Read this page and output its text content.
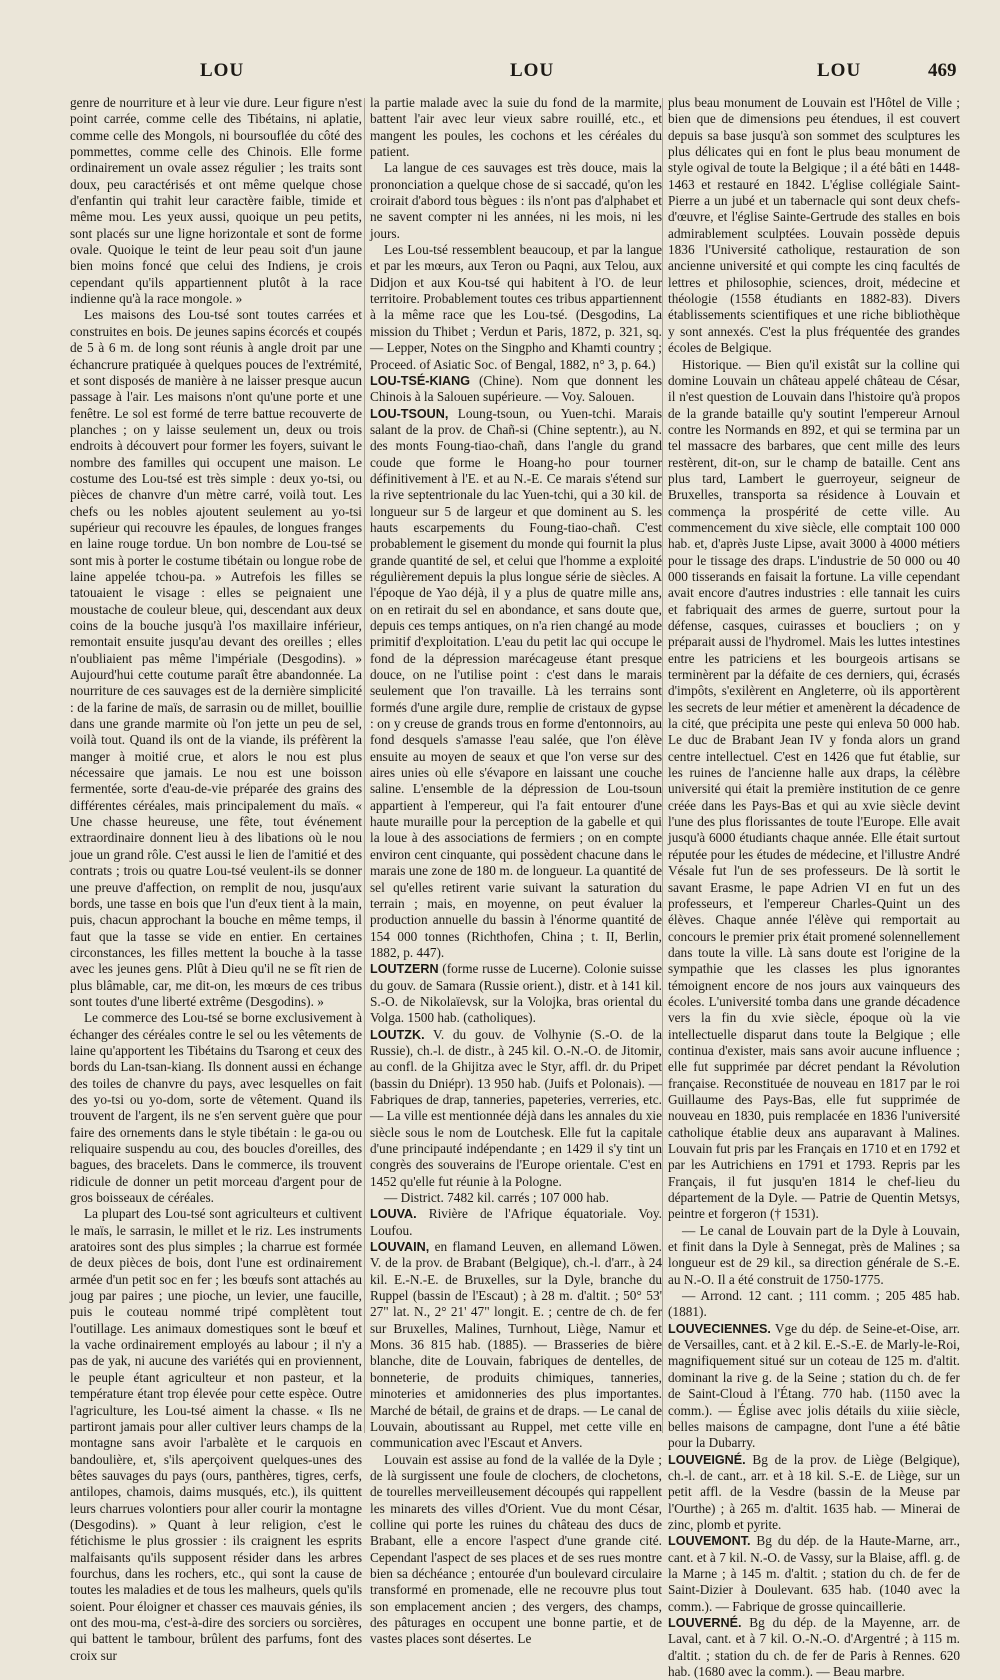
LOU	LOU	LOU	469

genre de nourriture et à leur vie dure. Leur figure n'est point carrée, comme celle des Tibétains, ni aplatie, comme celle des Mongols, ni boursouflée du côté des pommettes, comme celle des Chinois. Elle forme ordinairement un ovale assez régulier ; les traits sont doux, peu caractérisés et ont même quelque chose d'enfantin qui trahit leur caractère faible, timide et même mou. Les yeux aussi, quoique un peu petits, sont placés sur une ligne horizontale et sont de forme ovale. Quoique le teint de leur peau soit d'un jaune bien moins foncé que celui des Indiens, je crois cependant qu'ils appartiennent plutôt à la race indienne qu'à la race mongole. »

Les maisons des Lou-tsé sont toutes carrées et construites en bois. De jeunes sapins écorcés et coupés de 5 à 6 m. de long sont réunis à angle droit par une échancrure pratiquée à quelques pouces de l'extrémité, et sont disposés de manière à ne laisser presque aucun passage à l'air. Les maisons n'ont qu'une porte et une fenêtre. Le sol est formé de terre battue recouverte de planches ; on y laisse seulement un, deux ou trois endroits à découvert pour former les foyers, suivant le nombre des familles qui occupent une maison. Le costume des Lou-tsé est très simple : deux yo-tsi, ou pièces de chanvre d'un mètre carré, voilà tout. Les chefs ou les nobles ajoutent seulement au yo-tsi supérieur qui recouvre les épaules, de longues franges en laine rouge tordue. Un bon nombre de Lou-tsé se sont mis à porter le costume tibétain ou longue robe de laine appelée tchou-pa. » Autrefois les filles se tatouaient le visage : elles se peignaient une moustache de couleur bleue, qui, descendant aux deux coins de la bouche jusqu'à l'os maxillaire inférieur, remontait ensuite jusqu'au devant des oreilles ; elles n'oubliaient pas même l'impériale (Desgodins). » Aujourd'hui cette coutume paraît être abandonnée. La nourriture de ces sauvages est de la dernière simplicité : de la farine de maïs, de sarrasin ou de millet, bouillie dans une grande marmite où l'on jette un peu de sel, voilà tout. Quand ils ont de la viande, ils préfèrent la manger à moitié crue, et alors le nou est plus nécessaire que jamais. Le nou est une boisson fermentée, sorte d'eau-de-vie préparée des grains des différentes céréales, mais principalement du maïs. « Une chasse heureuse, une fête, tout événement extraordinaire donnent lieu à des libations où le nou joue un grand rôle. C'est aussi le lien de l'amitié et des contrats ; trois ou quatre Lou-tsé veulent-ils se donner une preuve d'affection, on remplit de nou, jusqu'aux bords, une tasse en bois que l'un d'eux tient à la main, puis, chacun approchant la bouche en même temps, il faut que la tasse se vide en entier. En certaines circonstances, les filles mettent la bouche à la tasse avec les jeunes gens. Plût à Dieu qu'il ne se fît rien de plus blâmable, car, me dit-on, les mœurs de ces tribus sont toutes d'une liberté extrême (Desgodins). »

Le commerce des Lou-tsé se borne exclusivement à échanger des céréales contre le sel ou les vêtements de laine qu'apportent les Tibétains du Tsarong et ceux des bords du Lan-tsan-kiang. Ils donnent aussi en échange des toiles de chanvre du pays, avec lesquelles on fait des yo-tsi ou yo-dom, sorte de vêtement. Quand ils trouvent de l'argent, ils ne s'en servent guère que pour faire des ornements dans le style tibétain : le ga-ou ou reliquaire suspendu au cou, des boucles d'oreilles, des bagues, des bracelets. Dans le commerce, ils trouvent ridicule de donner un petit morceau d'argent pour de gros boisseaux de céréales.

La plupart des Lou-tsé sont agriculteurs et cultivent le maïs, le sarrasin, le millet et le riz. Les instruments aratoires sont des plus simples ; la charrue est formée de deux pièces de bois, dont l'une est ordinairement armée d'un petit soc en fer ; les bœufs sont attachés au joug par paires ; une pioche, un levier, une faucille, puis le couteau nommé tripé complètent tout l'outillage. Les animaux domestiques sont le bœuf et la vache ordinairement employés au labour ; il n'y a pas de yak, ni aucune des variétés qui en proviennent, le peuple étant agriculteur et non pasteur, et la température étant trop élevée pour cette espèce. Outre l'agriculture, les Lou-tsé aiment la chasse. « Ils ne partiront jamais pour aller cultiver leurs champs de la montagne sans avoir l'arbalète et le carquois en bandoulière, et, s'ils aperçoivent quelques-unes des bêtes sauvages du pays (ours, panthères, tigres, cerfs, antilopes, chamois, daims musqués, etc.), ils quittent leurs charrues volontiers pour aller courir la montagne (Desgodins). » Quant à leur religion, c'est le fétichisme le plus grossier : ils craignent les esprits malfaisants qu'ils supposent résider dans les arbres fourchus, dans les rochers, etc., qui sont la cause de toutes les maladies et de tous les malheurs, quels qu'ils soient. Pour éloigner et chasser ces mauvais génies, ils ont des mou-ma, c'est-à-dire des sorciers ou sorcières, qui battent le tambour, brûlent des parfums, font des croix sur

la partie malade avec la suie du fond de la marmite, battent l'air avec leur vieux sabre rouillé, etc., et mangent les poules, les cochons et les céréales du patient.

La langue de ces sauvages est très douce, mais la prononciation a quelque chose de si saccadé, qu'on les croirait d'abord tous bègues : ils n'ont pas d'alphabet et ne savent compter ni les années, ni les mois, ni les jours.

Les Lou-tsé ressemblent beaucoup, et par la langue et par les mœurs, aux Teron ou Paqni, aux Telou, aux Didjon et aux Kou-tsé qui habitent à l'O. de leur territoire. Probablement toutes ces tribus appartiennent à la même race que les Lou-tsé. (Desgodins, La mission du Thibet ; Verdun et Paris, 1872, p. 321, sq. — Lepper, Notes on the Singpho and Khamti country ; Proceed. of Asiatic Soc. of Bengal, 1882, n° 3, p. 64.)

LOU-TSÉ-KIANG (Chine). Nom que donnent les Chinois à la Salouen supérieure. — Voy. Salouen.

LOU-TSOUN, Loung-tsoun, ou Yuen-tchi. Marais salant de la prov. de Chañ-si (Chine septentr.), au N. des monts Foung-tiao-chañ, dans l'angle du grand coude que forme le Hoang-ho pour tourner définitivement à l'E. et au N.-E. Ce marais s'étend sur la rive septentrionale du lac Yuen-tchi, qui a 30 kil. de longueur sur 5 de largeur et que dominent au S. les hauts escarpements du Foung-tiao-chañ. C'est probablement le gisement du monde qui fournit la plus grande quantité de sel, et celui que l'homme a exploité régulièrement depuis la plus longue série de siècles. A l'époque de Yao déjà, il y a plus de quatre mille ans, on en retirait du sel en abondance, et sans doute que, depuis ces temps antiques, on n'a rien changé au mode primitif d'exploitation. L'eau du petit lac qui occupe le fond de la dépression marécageuse étant presque douce, on ne l'utilise point : c'est dans le marais seulement que l'on travaille. Là les terrains sont formés d'une argile dure, remplie de cristaux de gypse : on y creuse de grands trous en forme d'entonnoirs, au fond desquels s'amasse l'eau salée, que l'on élève ensuite au moyen de seaux et que l'on verse sur des aires unies où elle s'évapore en laissant une couche saline. L'ensemble de la dépression de Lou-tsoun appartient à l'empereur, qui l'a fait entourer d'une haute muraille pour la perception de la gabelle et qui la loue à des associations de fermiers ; on en compte environ cent cinquante, qui possèdent chacune dans le marais une zone de 180 m. de longueur. La quantité de sel qu'elles retirent varie suivant la saturation du terrain ; mais, en moyenne, on peut évaluer la production annuelle du bassin à l'énorme quantité de 154 000 tonnes (Richthofen, China ; t. II, Berlin, 1882, p. 447).

LOUTZERN (forme russe de Lucerne). Colonie suisse du gouv. de Samara (Russie orient.), distr. et à 141 kil. S.-O. de Nikolaïevsk, sur la Volojka, bras oriental du Volga. 1500 hab. (catholiques).

LOUTZK. V. du gouv. de Volhynie (S.-O. de la Russie), ch.-l. de distr., à 245 kil. O.-N.-O. de Jitomir, au confl. de la Ghijitza avec le Styr, affl. dr. du Pripet (bassin du Dniépr). 13 950 hab. (Juifs et Polonais). — Fabriques de drap, tanneries, papeteries, verreries, etc. — La ville est mentionnée déjà dans les annales du xie siècle sous le nom de Loutchesk. Elle fut la capitale d'une principauté indépendante ; en 1429 il s'y tint un congrès des souverains de l'Europe orientale. C'est en 1452 qu'elle fut réunie à la Pologne.

— District. 7482 kil. carrés ; 107 000 hab.

LOUVA. Rivière de l'Afrique équatoriale. Voy. Loufou.

LOUVAIN, en flamand Leuven, en allemand Löwen. V. de la prov. de Brabant (Belgique), ch.-l. d'arr., à 24 kil. E.-N.-E. de Bruxelles, sur la Dyle, branche du Ruppel (bassin de l'Escaut) ; à 28 m. d'altit. ; 50° 53' 27" lat. N., 2° 21' 47" longit. E. ; centre de ch. de fer sur Bruxelles, Malines, Turnhout, Liège, Namur et Mons. 36 815 hab. (1885). — Brasseries de bière blanche, dite de Louvain, fabriques de dentelles, de bonneterie, de produits chimiques, tanneries, minoteries et amidonneries des plus importantes. Marché de bétail, de grains et de draps. — Le canal de Louvain, aboutissant au Ruppel, met cette ville en communication avec l'Escaut et Anvers.

Louvain est assise au fond de la vallée de la Dyle ; de là surgissent une foule de clochers, de clochetons, de tourelles merveilleusement découpés qui rappellent les minarets des villes d'Orient. Vue du mont César, colline qui porte les ruines du château des ducs de Brabant, elle a encore l'aspect d'une grande cité. Cependant l'aspect de ses places et de ses rues montre bien sa déchéance ; entourée d'un boulevard circulaire transformé en promenade, elle ne recouvre plus tout son emplacement ancien ; des vergers, des champs, des pâturages en occupent une bonne partie, et de vastes places sont désertes. Le

plus beau monument de Louvain est l'Hôtel de Ville ; bien que de dimensions peu étendues, il est couvert depuis sa base jusqu'à son sommet des sculptures les plus délicates qui en font le plus beau monument de style ogival de toute la Belgique ; il a été bâti en 1448-1463 et restauré en 1842. L'église collégiale Saint-Pierre a un jubé et un tabernacle qui sont deux chefs-d'œuvre, et l'église Sainte-Gertrude des stalles en bois admirablement sculptées. Louvain possède depuis 1836 l'Université catholique, restauration de son ancienne université et qui compte les cinq facultés de lettres et philosophie, sciences, droit, médecine et théologie (1558 étudiants en 1882-83). Divers établissements scientifiques et une riche bibliothèque y sont annexés. C'est la plus fréquentée des grandes écoles de Belgique.

Historique. — Bien qu'il existât sur la colline qui domine Louvain un château appelé château de César, il n'est question de Louvain dans l'histoire qu'à propos de la grande bataille qu'y soutint l'empereur Arnoul contre les Normands en 892, et qui se termina par un tel massacre des barbares, que cent mille des leurs restèrent, dit-on, sur le champ de bataille. Cent ans plus tard, Lambert le guerroyeur, seigneur de Bruxelles, transporta sa résidence à Louvain et commença la prospérité de cette ville. Au commencement du xive siècle, elle comptait 100 000 hab. et, d'après Juste Lipse, avait 3000 à 4000 métiers pour le tissage des draps. L'industrie de 50 000 ou 40 000 tisserands en faisait la fortune. La ville cependant avait encore d'autres industries : elle tannait les cuirs et fabriquait des armes de guerre, surtout pour la défense, casques, cuirasses et boucliers ; on y préparait aussi de l'hydromel. Mais les luttes intestines entre les patriciens et les bourgeois artisans se terminèrent par la défaite de ces derniers, qui, écrasés d'impôts, s'exilèrent en Angleterre, où ils apportèrent les secrets de leur métier et amenèrent la décadence de la cité, que précipita une peste qui enleva 50 000 hab. Le duc de Brabant Jean IV y fonda alors un grand centre intellectuel. C'est en 1426 que fut établie, sur les ruines de l'ancienne halle aux draps, la célèbre université qui était la première institution de ce genre créée dans les Pays-Bas et qui au xvie siècle devint l'une des plus florissantes de toute l'Europe. Elle avait jusqu'à 6000 étudiants chaque année. Elle était surtout réputée pour les études de médecine, et l'illustre André Vésale fut l'un de ses professeurs. De là sortit le savant Erasme, le pape Adrien VI en fut un des professeurs, et l'empereur Charles-Quint un des élèves. Chaque année l'élève qui remportait au concours le premier prix était promené solennellement dans toute la ville. Là sans doute est l'origine de la sympathie que les classes les plus ignorantes témoignent encore de nos jours aux vainqueurs des écoles. L'université tomba dans une grande décadence vers la fin du xvie siècle, époque où la vie intellectuelle disparut dans toute la Belgique ; elle continua d'exister, mais sans avoir aucune influence ; elle fut supprimée par décret pendant la Révolution française. Reconstituée de nouveau en 1817 par le roi Guillaume des Pays-Bas, elle fut supprimée de nouveau en 1830, puis remplacée en 1836 l'université catholique établie deux ans auparavant à Malines. Louvain fut pris par les Français en 1710 et en 1792 et par les Autrichiens en 1791 et 1793. Repris par les Français, il fut jusqu'en 1814 le chef-lieu du département de la Dyle. — Patrie de Quentin Metsys, peintre et forgeron († 1531).

— Le canal de Louvain part de la Dyle à Louvain, et finit dans la Dyle à Sennegat, près de Malines ; sa longueur est de 29 kil., sa direction générale de S.-E. au N.-O. Il a été construit de 1750-1775.

— Arrond. 12 cant. ; 111 comm. ; 205 485 hab. (1881).

LOUVECIENNES. Vge du dép. de Seine-et-Oise, arr. de Versailles, cant. et à 2 kil. E.-S.-E. de Marly-le-Roi, magnifiquement situé sur un coteau de 125 m. d'altit. dominant la rive g. de la Seine ; station du ch. de fer de Saint-Cloud à l'Étang. 770 hab. (1150 avec la comm.). — Église avec jolis détails du xiiie siècle, belles maisons de campagne, dont l'une a été bâtie pour la Dubarry.

LOUVEIGNÉ. Bg de la prov. de Liège (Belgique), ch.-l. de cant., arr. et à 18 kil. S.-E. de Liège, sur un petit affl. de la Vesdre (bassin de la Meuse par l'Ourthe) ; à 265 m. d'altit. 1635 hab. — Minerai de zinc, plomb et pyrite.

LOUVEMONT. Bg du dép. de la Haute-Marne, arr., cant. et à 7 kil. N.-O. de Vassy, sur la Blaise, affl. g. de la Marne ; à 145 m. d'altit. ; station du ch. de fer de Saint-Dizier à Doulevant. 635 hab. (1040 avec la comm.). — Fabrique de grosse quincaillerie.

LOUVERNÉ. Bg du dép. de la Mayenne, arr. de Laval, cant. et à 7 kil. O.-N.-O. d'Argentré ; à 115 m. d'altit. ; station du ch. de fer de Paris à Rennes. 620 hab. (1680 avec la comm.). — Beau marbre.
